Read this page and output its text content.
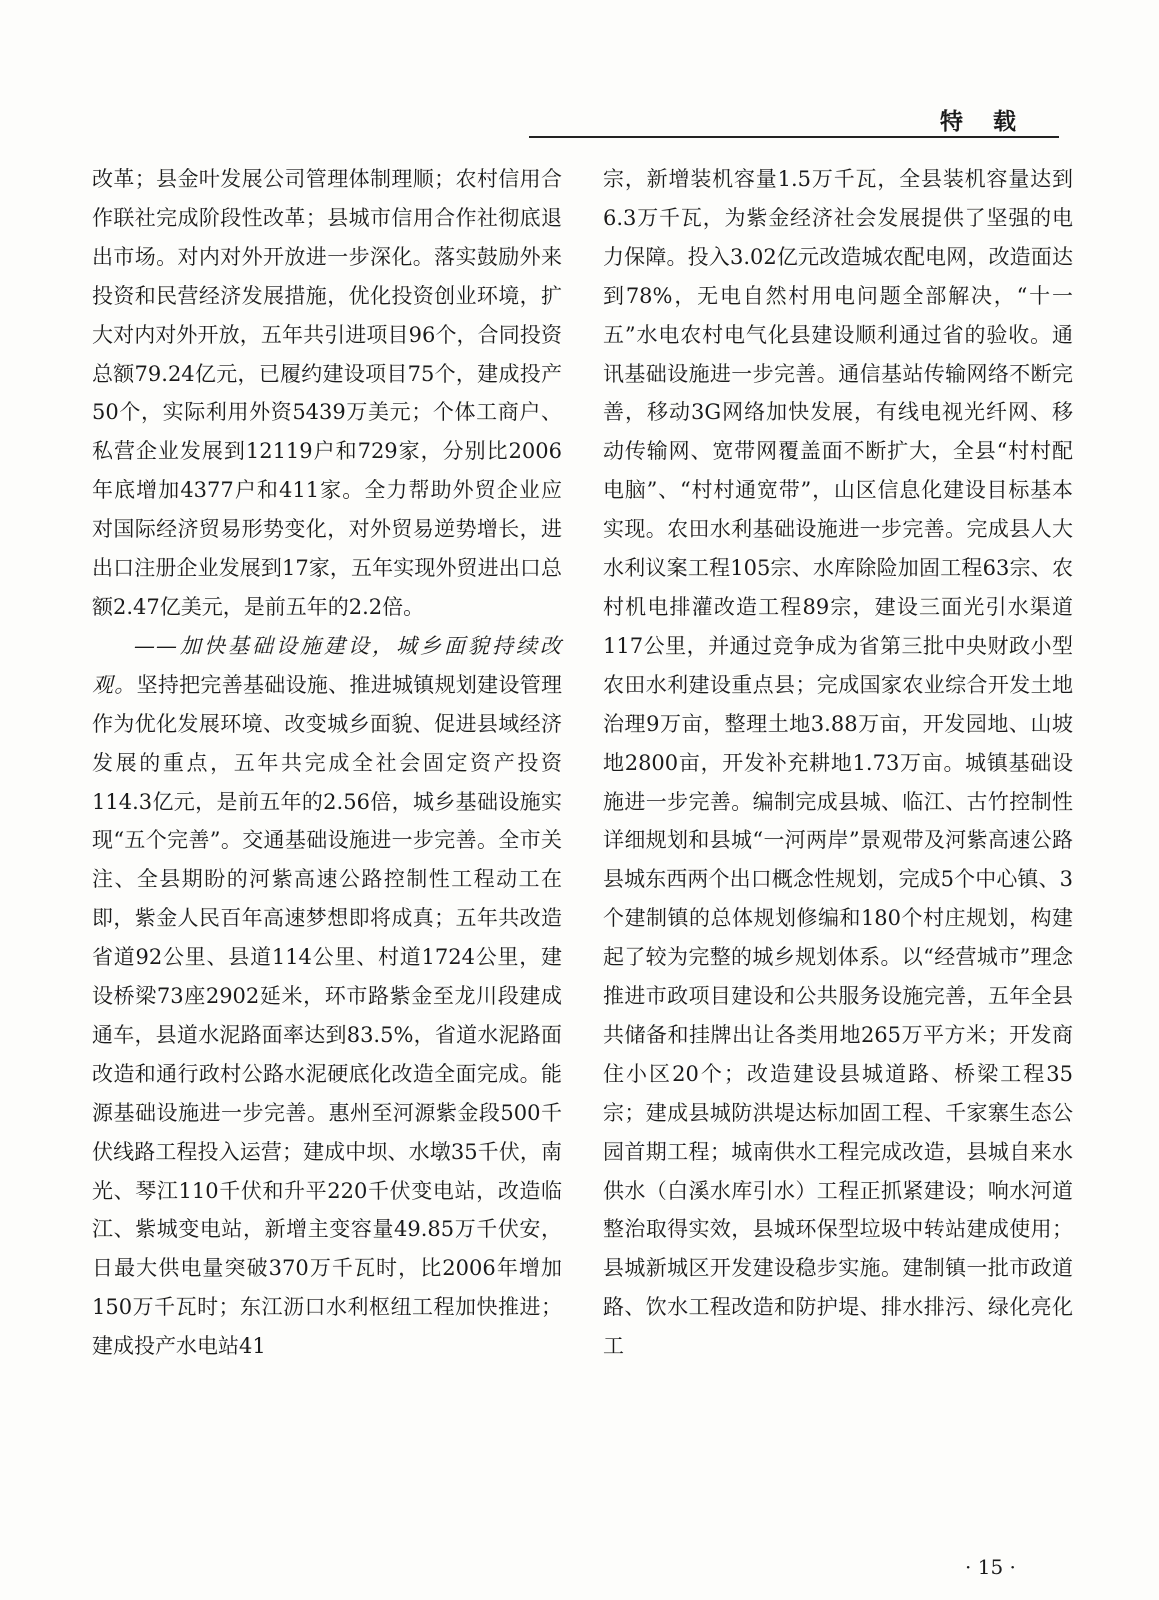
特载

改革；县金叶发展公司管理体制理顺；农村信用合作联社完成阶段性改革；县城市信用合作社彻底退出市场。对内对外开放进一步深化。落实鼓励外来投资和民营经济发展措施，优化投资创业环境，扩大对内对外开放，五年共引进项目96个，合同投资总额79.24亿元，已履约建设项目75个，建成投产50个，实际利用外资5439万美元；个体工商户、私营企业发展到12119户和729家，分别比2006年底增加4377户和411家。全力帮助外贸企业应对国际经济贸易形势变化，对外贸易逆势增长，进出口注册企业发展到17家，五年实现外贸进出口总额2.47亿美元，是前五年的2.2倍。

——加快基础设施建设，城乡面貌持续改观。坚持把完善基础设施、推进城镇规划建设管理作为优化发展环境、改变城乡面貌、促进县域经济发展的重点，五年共完成全社会固定资产投资114.3亿元，是前五年的2.56倍，城乡基础设施实现“五个完善”。交通基础设施进一步完善。全市关注、全县期盼的河紫高速公路控制性工程动工在即，紫金人民百年高速梦想即将成真；五年共改造省道92公里、县道114公里、村道1724公里，建设桥梁73座2902延米，环市路紫金至龙川段建成通车，县道水泥路面率达到83.5%，省道水泥路面改造和通行政村公路水泥硬底化改造全面完成。能源基础设施进一步完善。惠州至河源紫金段500千伏线路工程投入运营；建成中坝、水墩35千伏，南光、琴江110千伏和升平220千伏变电站，改造临江、紫城变电站，新增主变容量49.85万千伏安，日最大供电量突破370万千瓦时，比2006年增加150万千瓦时；东江沥口水利枢纽工程加快推进；建成投产水电站41

宗，新增装机容量1.5万千瓦，全县装机容量达到6.3万千瓦，为紫金经济社会发展提供了坚强的电力保障。投入3.02亿元改造城农配电网，改造面达到78%，无电自然村用电问题全部解决，“十一五”水电农村电气化县建设顺利通过省的验收。通讯基础设施进一步完善。通信基站传输网络不断完善，移动3G网络加快发展，有线电视光纤网、移动传输网、宽带网覆盖面不断扩大，全县“村村配电脑”、“村村通宽带”，山区信息化建设目标基本实现。农田水利基础设施进一步完善。完成县人大水利议案工程105宗、水库除险加固工程63宗、农村机电排灌改造工程89宗，建设三面光引水渠道117公里，并通过竞争成为省第三批中央财政小型农田水利建设重点县；完成国家农业综合开发土地治理9万亩，整理土地3.88万亩，开发园地、山坡地2800亩，开发补充耕地1.73万亩。城镇基础设施进一步完善。编制完成县城、临江、古竹控制性详细规划和县城“一河两岸”景观带及河紫高速公路县城东西两个出口概念性规划，完成5个中心镇、3个建制镇的总体规划修编和180个村庄规划，构建起了较为完整的城乡规划体系。以“经营城市”理念推进市政项目建设和公共服务设施完善，五年全县共储备和挂牌出让各类用地265万平方米；开发商住小区20个；改造建设县城道路、桥梁工程35宗；建成县城防洪堤达标加固工程、千家寨生态公园首期工程；城南供水工程完成改造，县城自来水供水（白溪水库引水）工程正抓紧建设；响水河道整治取得实效，县城环保型垃圾中转站建成使用；县城新城区开发建设稳步实施。建制镇一批市政道路、饮水工程改造和防护堤、排水排污、绿化亮化工

· 15 ·
